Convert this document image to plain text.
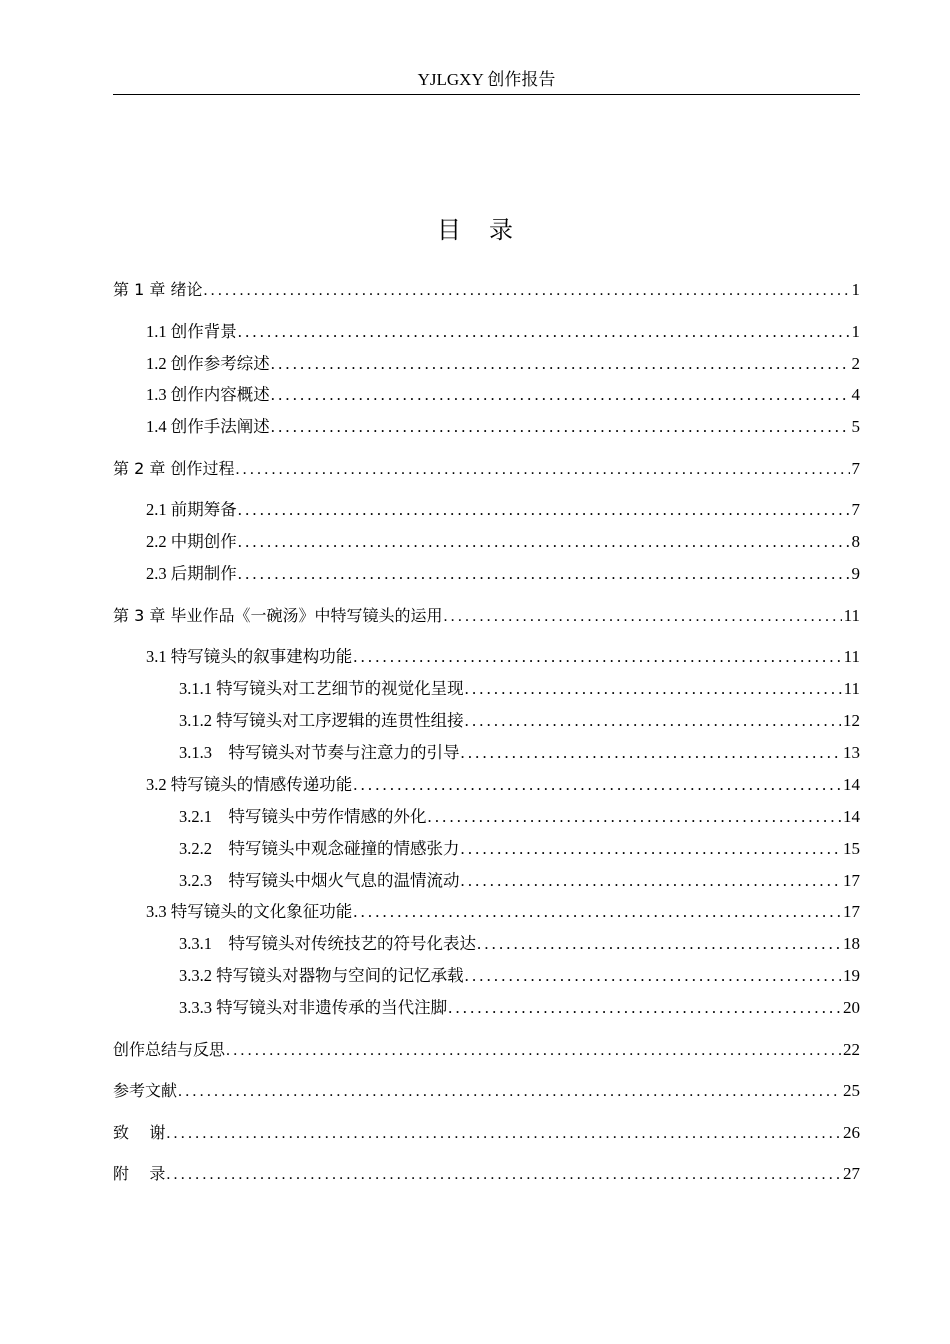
YJLGXY 创作报告
目 录
第 1 章 绪论 .....	1
1.1 创作背景 .....	1
1.2 创作参考综述 .....	2
1.3 创作内容概述 .....	4
1.4 创作手法阐述 .....	5
第 2 章 创作过程 .....	7
2.1 前期筹备 .....	7
2.2 中期创作 .....	8
2.3 后期制作 .....	9
第 3 章 毕业作品《一碗汤》中特写镜头的运用 .....	11
3.1 特写镜头的叙事建构功能 .....	11
3.1.1 特写镜头对工艺细节的视觉化呈现 .....	11
3.1.2 特写镜头对工序逻辑的连贯性组接 .....	12
3.1.3    特写镜头对节奏与注意力的引导 .....	13
3.2 特写镜头的情感传递功能 .....	14
3.2.1    特写镜头中劳作情感的外化 .....	14
3.2.2    特写镜头中观念碰撞的情感张力 .....	15
3.2.3    特写镜头中烟火气息的温情流动 .....	17
3.3 特写镜头的文化象征功能 .....	17
3.3.1    特写镜头对传统技艺的符号化表达 .....	18
3.3.2 特写镜头对器物与空间的记忆承载 .....	19
3.3.3 特写镜头对非遗传承的当代注脚 .....	20
创作总结与反思 .....	22
参考文献 .....	25
致    谢 .....	26
附    录 .....	27
